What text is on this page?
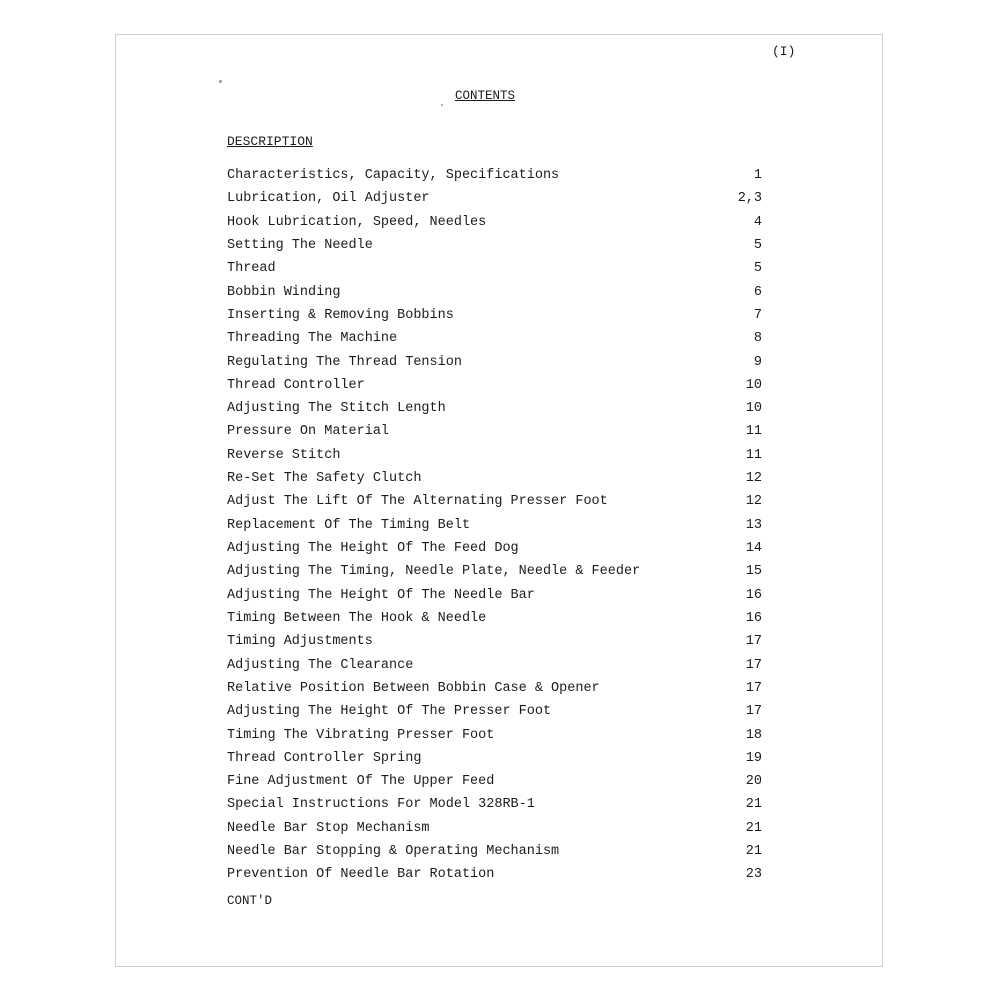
(I)
CONTENTS
DESCRIPTION
Characteristics, Capacity, Specifications	1
Lubrication, Oil Adjuster	2,3
Hook Lubrication, Speed, Needles	4
Setting The Needle	5
Thread	5
Bobbin Winding	6
Inserting & Removing Bobbins	7
Threading The Machine	8
Regulating The Thread Tension	9
Thread Controller	10
Adjusting The Stitch Length	10
Pressure On Material	11
Reverse Stitch	11
Re-Set The Safety Clutch	12
Adjust The Lift Of The Alternating Presser Foot	12
Replacement Of The Timing Belt	13
Adjusting The Height Of The Feed Dog	14
Adjusting The Timing, Needle Plate, Needle & Feeder	15
Adjusting The Height Of The Needle Bar	16
Timing Between The Hook & Needle	16
Timing Adjustments	17
Adjusting The Clearance	17
Relative Position Between Bobbin Case & Opener	17
Adjusting The Height Of The Presser Foot	17
Timing The Vibrating Presser Foot	18
Thread Controller Spring	19
Fine Adjustment Of The Upper Feed	20
Special Instructions For Model 328RB-1	21
Needle Bar Stop Mechanism	21
Needle Bar Stopping & Operating Mechanism	21
Prevention Of Needle Bar Rotation	23
CONT'D
